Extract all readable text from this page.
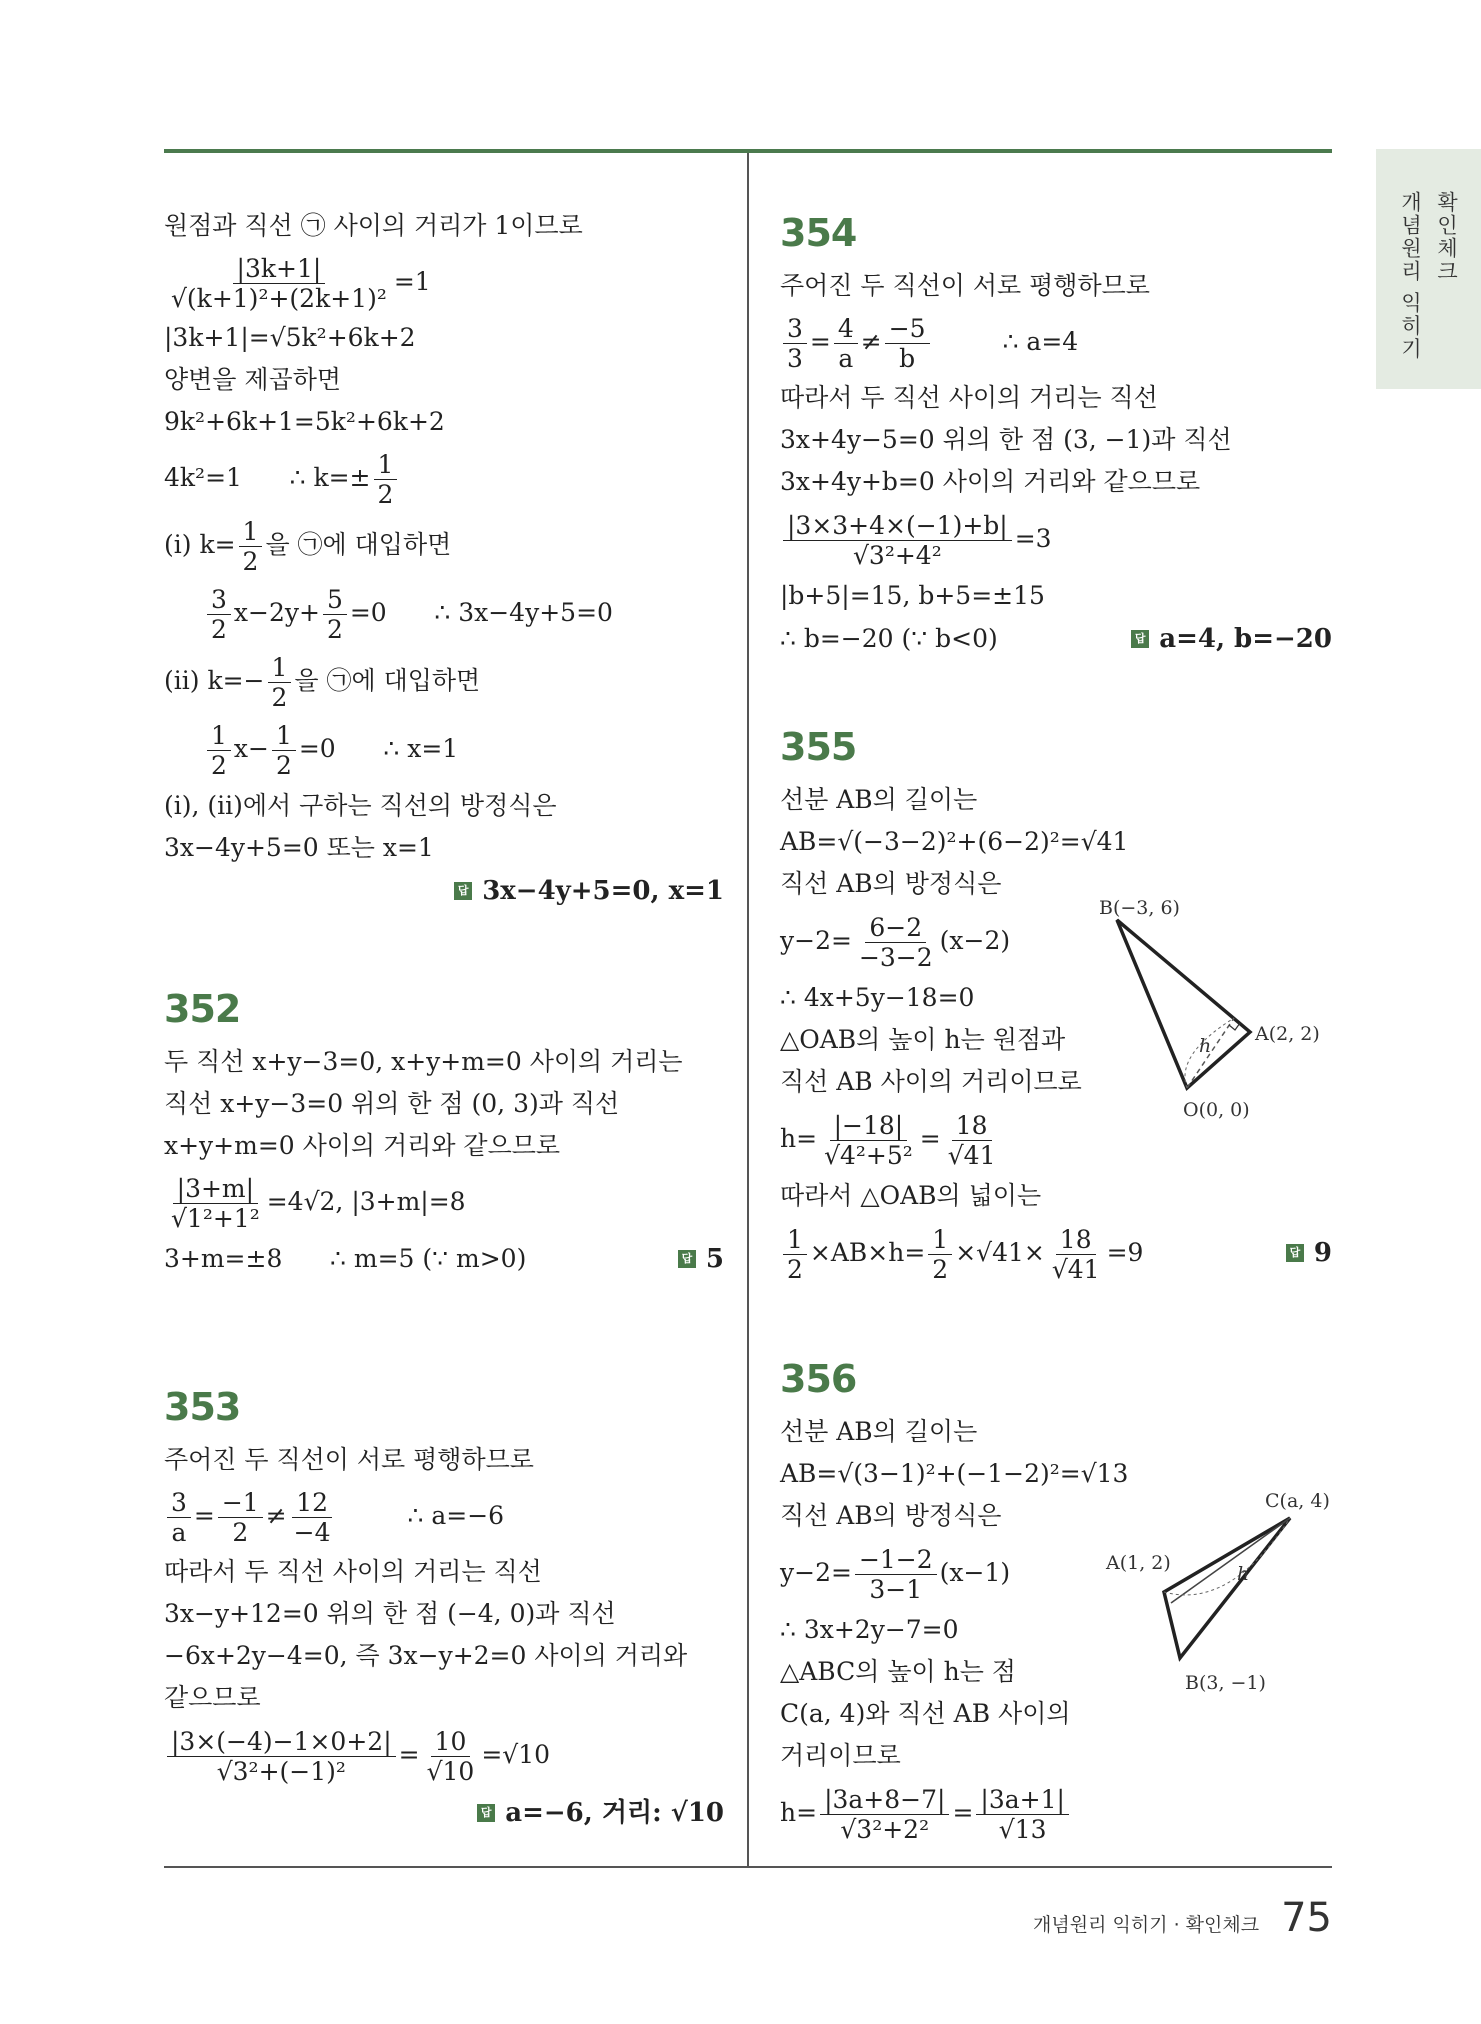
확인체크
개념원리 익히기
원점과 직선 ㉠ 사이의 거리가 1이므로
$\frac{|3k+1|}{\text{√(k+1)²+(2k+1)²}} =1$
|3k+1|=√5k²+6k+2
양변을 제곱하면
9k²+6k+1=5k²+6k+2
4k²=1      ∴ $k=\pm \frac{1}{2}$
(ⅰ) $k= \frac{1}{2}$ 을 ㉠에 대입하면
$\frac{3}{2} x-2y+ \frac{5}{2} =0$      ∴ 3x−4y+5=0
(ⅱ) $k=- \frac{1}{2}$ 을 ㉠에 대입하면
$\frac{1}{2} x- \frac{1}{2} =0$      ∴ x=1
(ⅰ), (ⅱ)에서 구하는 직선의 방정식은
3x−4y+5=0 또는 x=1
답 3x−4y+5=0, x=1
352
두 직선 x+y−3=0, x+y+m=0 사이의 거리는
직선 x+y−3=0 위의 한 점 (0, 3)과 직선
x+y+m=0 사이의 거리와 같으므로
$\frac{|3+m|}{\text{√1²+1²}} =4√2$, |3+m|=8
3+m=±8      ∴ m=5 (∵ m>0)	답 5
353
주어진 두 직선이 서로 평행하므로
$\frac{3}{a} = \frac{-1}{2} \ne \frac{12}{-4}$	∴ a=−6
따라서 두 직선 사이의 거리는 직선
3x−y+12=0 위의 한 점 (−4, 0)과 직선
−6x+2y−4=0, 즉 3x−y+2=0 사이의 거리와
같으므로
$\frac{|3\times(-4)-1\times 0+2|}{\text{√3²+(−1)²}} = \frac{10}{√10} =√10$
답 a=−6, 거리: √10
354
주어진 두 직선이 서로 평행하므로
$\frac{3}{3} = \frac{4}{a} \ne \frac{-5}{b}$	∴ a=4
따라서 두 직선 사이의 거리는 직선
3x+4y−5=0 위의 한 점 (3, −1)과 직선
3x+4y+b=0 사이의 거리와 같으므로
$\frac{|3\times 3+4\times(-1)+b|}{\text{√3²+4²}} =3$
|b+5|=15, b+5=±15
∴ b=−20 (∵ b<0)	답 a=4, b=−20
355
선분 AB의 길이는
AB=√(−3−2)²+(6−2)²=√41
직선 AB의 방정식은
$y-2= \frac{6-2}{-3-2} (x-2)$
∴ 4x+5y−18=0
△OAB의 높이 h는 원점과
직선 AB 사이의 거리이므로
$h= \frac{|-18|}{\text{√4²+5²}} = \frac{18}{√41}$
따라서 △OAB의 넓이는
$\frac{1}{2} \times AB\times h= \frac{1}{2} \times√41\times \frac{18}{√41} =9$	답 9
356
선분 AB의 길이는
AB=√(3−1)²+(−1−2)²=√13
직선 AB의 방정식은
$y-2= \frac{-1-2}{3-1} (x-1)$
∴ 3x+2y−7=0
△ABC의 높이 h는 점
C(a, 4)와 직선 AB 사이의
거리이므로
$h= \frac{|3a+8-7|}{\text{√3²+2²}} = \frac{|3a+1|}{√13}$
B(−3, 6)
A(2, 2)
O(0, 0)
h
C(a, 4)
A(1, 2)
B(3, −1)
h
개념원리 익히기 · 확인체크 75
